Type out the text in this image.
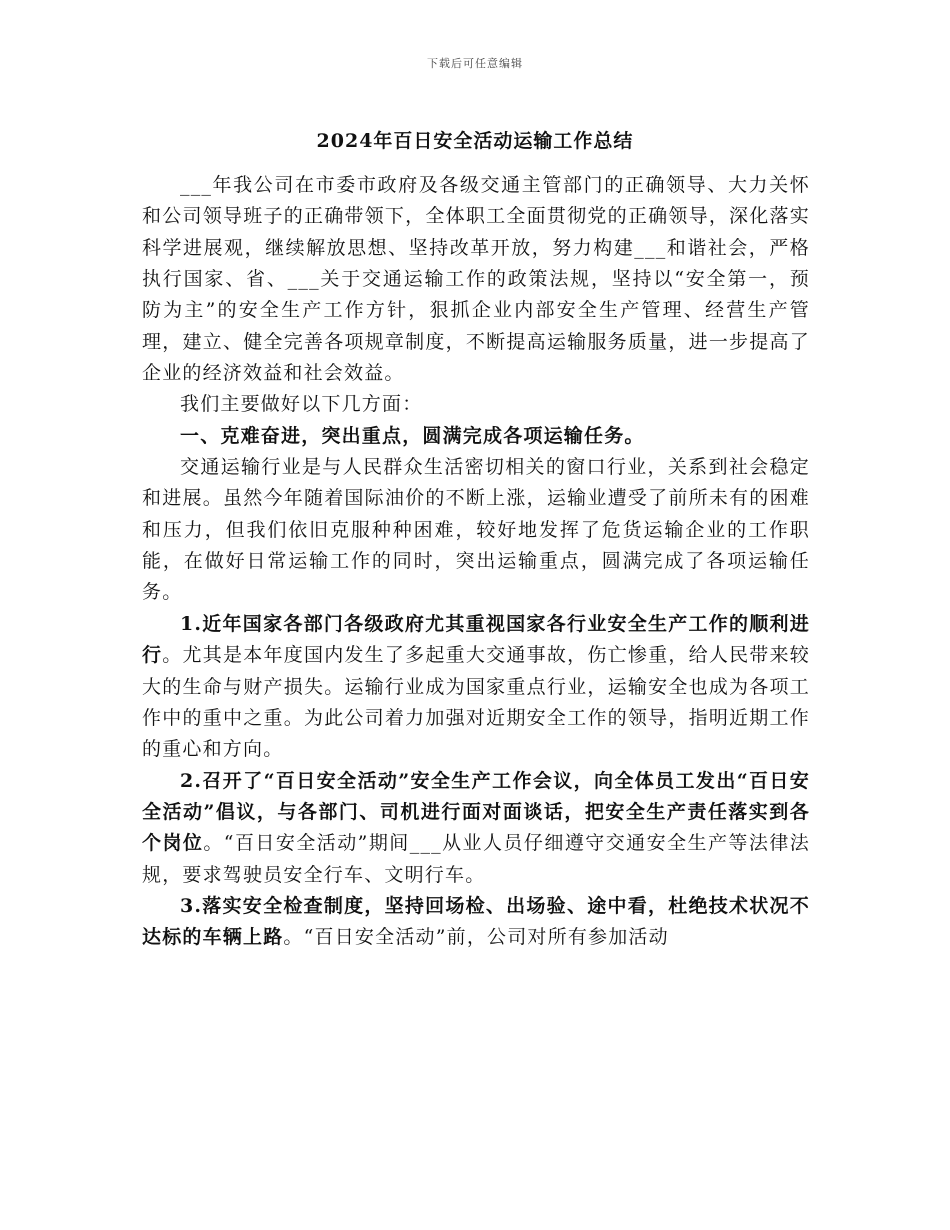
下载后可任意编辑
2024年百日安全活动运输工作总结

___年我公司在市委市政府及各级交通主管部门的正确领导、大力关怀和公司领导班子的正确带领下，全体职工全面贯彻党的正确领导，深化落实科学进展观，继续解放思想、坚持改革开放，努力构建___和谐社会，严格执行国家、省、___关于交通运输工作的政策法规，坚持以“安全第一，预防为主”的安全生产工作方针，狠抓企业内部安全生产管理、经营生产管理，建立、健全完善各项规章制度，不断提高运输服务质量，进一步提高了企业的经济效益和社会效益。

我们主要做好以下几方面：

一、克难奋进，突出重点，圆满完成各项运输任务。

交通运输行业是与人民群众生活密切相关的窗口行业，关系到社会稳定和进展。虽然今年随着国际油价的不断上涨，运输业遭受了前所未有的困难和压力，但我们依旧克服种种困难，较好地发挥了危货运输企业的工作职能，在做好日常运输工作的同时，突出运输重点，圆满完成了各项运输任务。

1.近年国家各部门各级政府尤其重视国家各行业安全生产工作的顺利进行。尤其是本年度国内发生了多起重大交通事故，伤亡惨重，给人民带来较大的生命与财产损失。运输行业成为国家重点行业，运输安全也成为各项工作中的重中之重。为此公司着力加强对近期安全工作的领导，指明近期工作的重心和方向。

2.召开了“百日安全活动”安全生产工作会议，向全体员工发出“百日安全活动”倡议，与各部门、司机进行面对面谈话，把安全生产责任落实到各个岗位。“百日安全活动”期间___从业人员仔细遵守交通安全生产等法律法规，要求驾驶员安全行车、文明行车。

3.落实安全检查制度，坚持回场检、出场验、途中看，杜绝技术状况不达标的车辆上路。“百日安全活动”前，公司对所有参加活动
